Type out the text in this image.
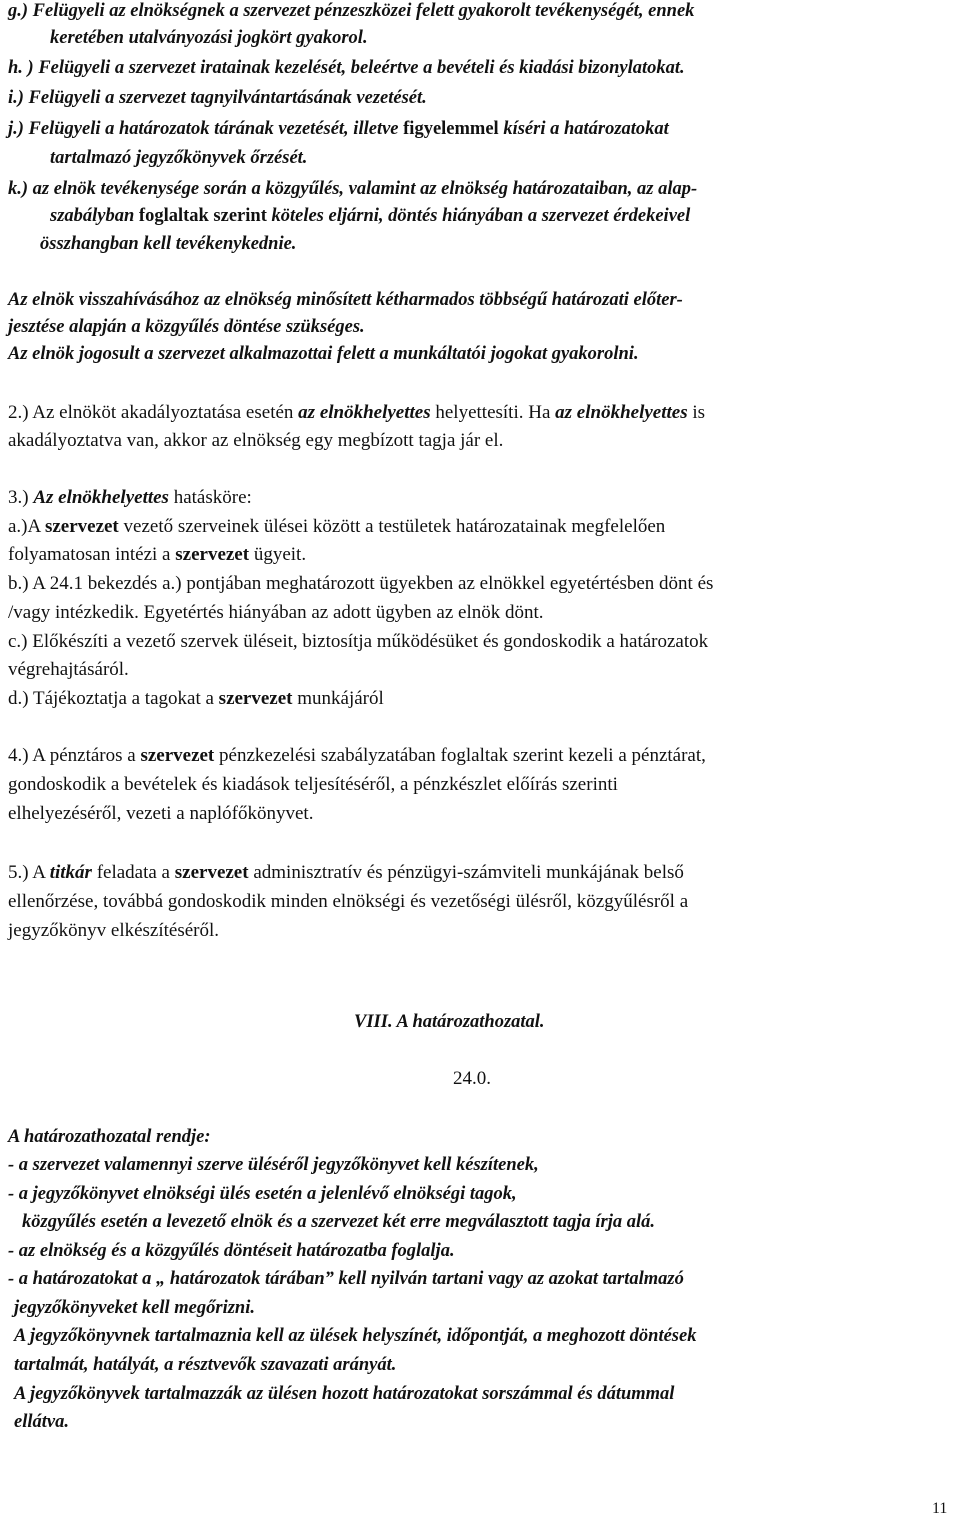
g.) Felügyeli az elnökségnek a szervezet pénzeszközei felett gyakorolt tevékenységét, ennek
keretében utalványozási jogkört gyakorol.
h. ) Felügyeli a szervezet iratainak kezelését, beleértve a bevételi és kiadási bizonylatokat.
i.) Felügyeli a szervezet tagnyilvántartásának vezetését.
j.) Felügyeli a határozatok tárának vezetését, illetve figyelemmel kíséri a határozatokat
tartalmazó jegyzőkönyvek őrzését.
k.) az elnök tevékenysége során a közgyűlés, valamint az elnökség határozataiban, az alap-
szabályban foglaltak szerint köteles eljárni, döntés hiányában a szervezet érdekeivel
összhangban kell tevékenykednie.
Az elnök visszahívásához az elnökség minősített kétharmados többségű határozati előter-
jesztése alapján a közgyűlés döntése szükséges.
Az elnök jogosult a szervezet alkalmazottai felett a munkáltatói jogokat gyakorolni.
2.) Az elnököt akadályoztatása esetén az elnökhelyettes helyettesíti. Ha az elnökhelyettes is
akadályoztatva van, akkor az elnökség egy megbízott tagja jár el.
3.) Az elnökhelyettes hatásköre:
a.)A szervezet vezető szerveinek ülései között a testületek határozatainak megfelelően
folyamatosan intézi a szervezet ügyeit.
b.) A 24.1 bekezdés a.) pontjában meghatározott ügyekben az elnökkel egyetértésben dönt és
/vagy intézkedik. Egyetértés hiányában az adott ügyben az elnök dönt.
c.) Előkészíti a vezető szervek üléseit, biztosítja működésüket és gondoskodik a határozatok
végrehajtásáról.
d.) Tájékoztatja a tagokat a szervezet munkájáról
4.) A pénztáros a szervezet pénzkezelési szabályzatában foglaltak szerint kezeli a pénztárat,
gondoskodik a bevételek és kiadások teljesítéséről, a pénzkészlet előírás szerinti
elhelyezéséről, vezeti a naplófőkönyvet.
5.) A titkár feladata a szervezet adminisztratív és pénzügyi-számviteli munkájának belső
ellenőrzése, továbbá gondoskodik minden elnökségi és vezetőségi ülésről, közgyűlésről a
jegyzőkönyv elkészítéséről.
VIII. A határozathozatal.
24.0.
A határozathozatal rendje:
- a szervezet valamennyi szerve üléséről jegyzőkönyvet kell készítenek,
- a jegyzőkönyvet elnökségi ülés esetén a jelenlévő elnökségi tagok,
közgyűlés esetén a levezető elnök és a szervezet két erre megválasztott tagja írja alá.
- az elnökség és a közgyűlés döntéseit határozatba foglalja.
- a határozatokat a „ határozatok tárában” kell nyilván tartani vagy az azokat tartalmazó
jegyzőkönyveket kell megőrizni.
A jegyzőkönyvnek tartalmaznia kell az ülések helyszínét, időpontját, a meghozott döntések
tartalmát, hatályát, a résztvevők szavazati arányát.
A jegyzőkönyvek tartalmazzák az ülésen hozott határozatokat sorszámmal és dátummal
ellátva.
11
